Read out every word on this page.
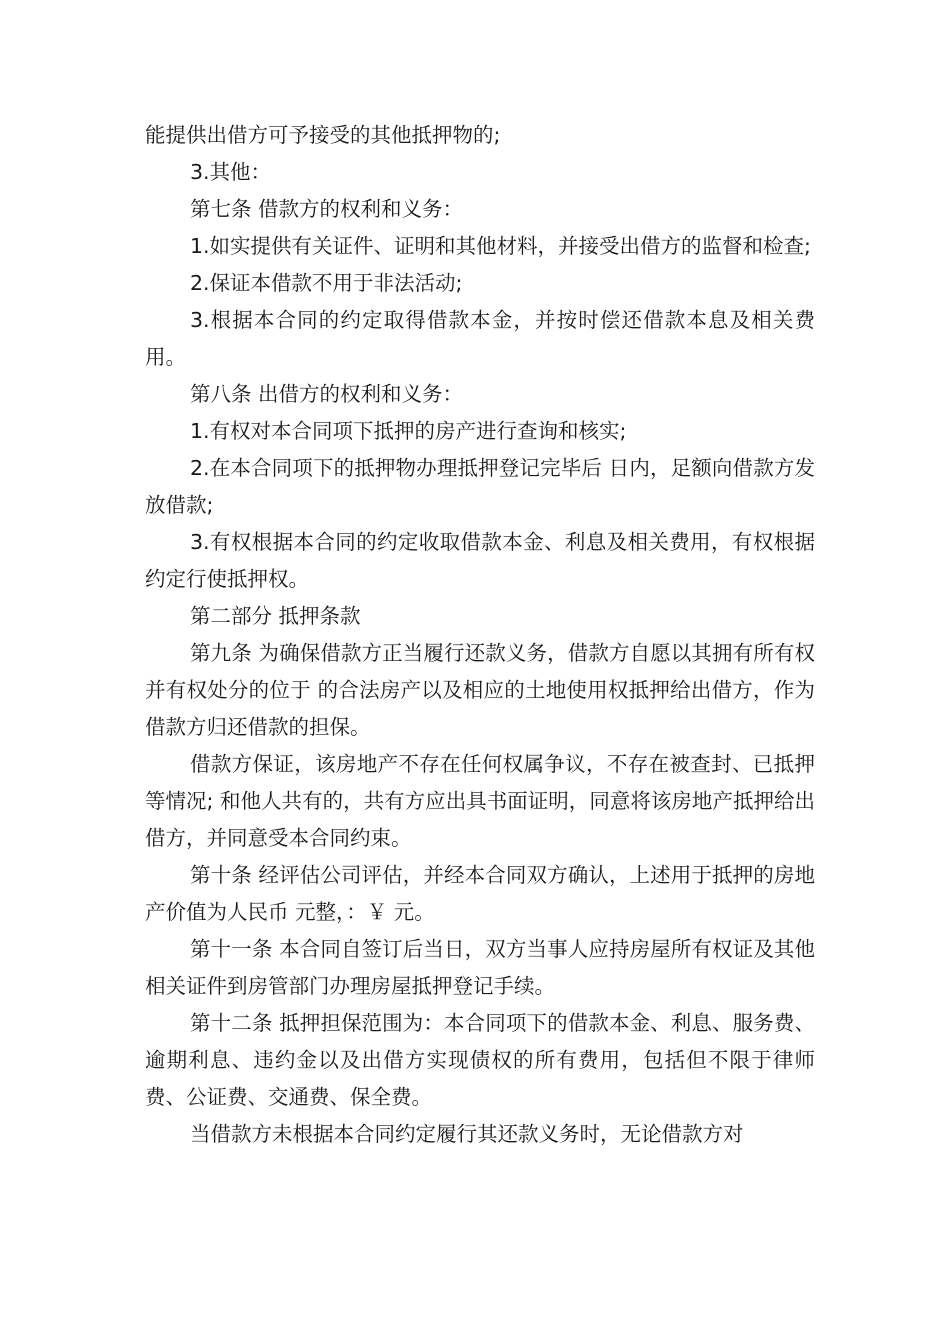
能提供出借方可予接受的其他抵押物的;

3.其他：

第七条 借款方的权利和义务：

1.如实提供有关证件、证明和其他材料，并接受出借方的监督和检查;

2.保证本借款不用于非法活动;

3.根据本合同的约定取得借款本金，并按时偿还借款本息及相关费用。

第八条 出借方的权利和义务：

1.有权对本合同项下抵押的房产进行查询和核实;

2.在本合同项下的抵押物办理抵押登记完毕后 日内，足额向借款方发放借款;

3.有权根据本合同的约定收取借款本金、利息及相关费用，有权根据约定行使抵押权。

第二部分 抵押条款

第九条 为确保借款方正当履行还款义务，借款方自愿以其拥有所有权并有权处分的位于 的合法房产以及相应的土地使用权抵押给出借方，作为借款方归还借款的担保。

借款方保证，该房地产不存在任何权属争议，不存在被查封、已抵押等情况; 和他人共有的，共有方应出具书面证明，同意将该房地产抵押给出借方，并同意受本合同约束。

第十条 经评估公司评估，并经本合同双方确认，上述用于抵押的房地产价值为人民币 元整，：￥ 元。

第十一条 本合同自签订后当日，双方当事人应持房屋所有权证及其他相关证件到房管部门办理房屋抵押登记手续。

第十二条 抵押担保范围为：本合同项下的借款本金、利息、服务费、逾期利息、违约金以及出借方实现债权的所有费用，包括但不限于律师费、公证费、交通费、保全费。

当借款方未根据本合同约定履行其还款义务时，无论借款方对
